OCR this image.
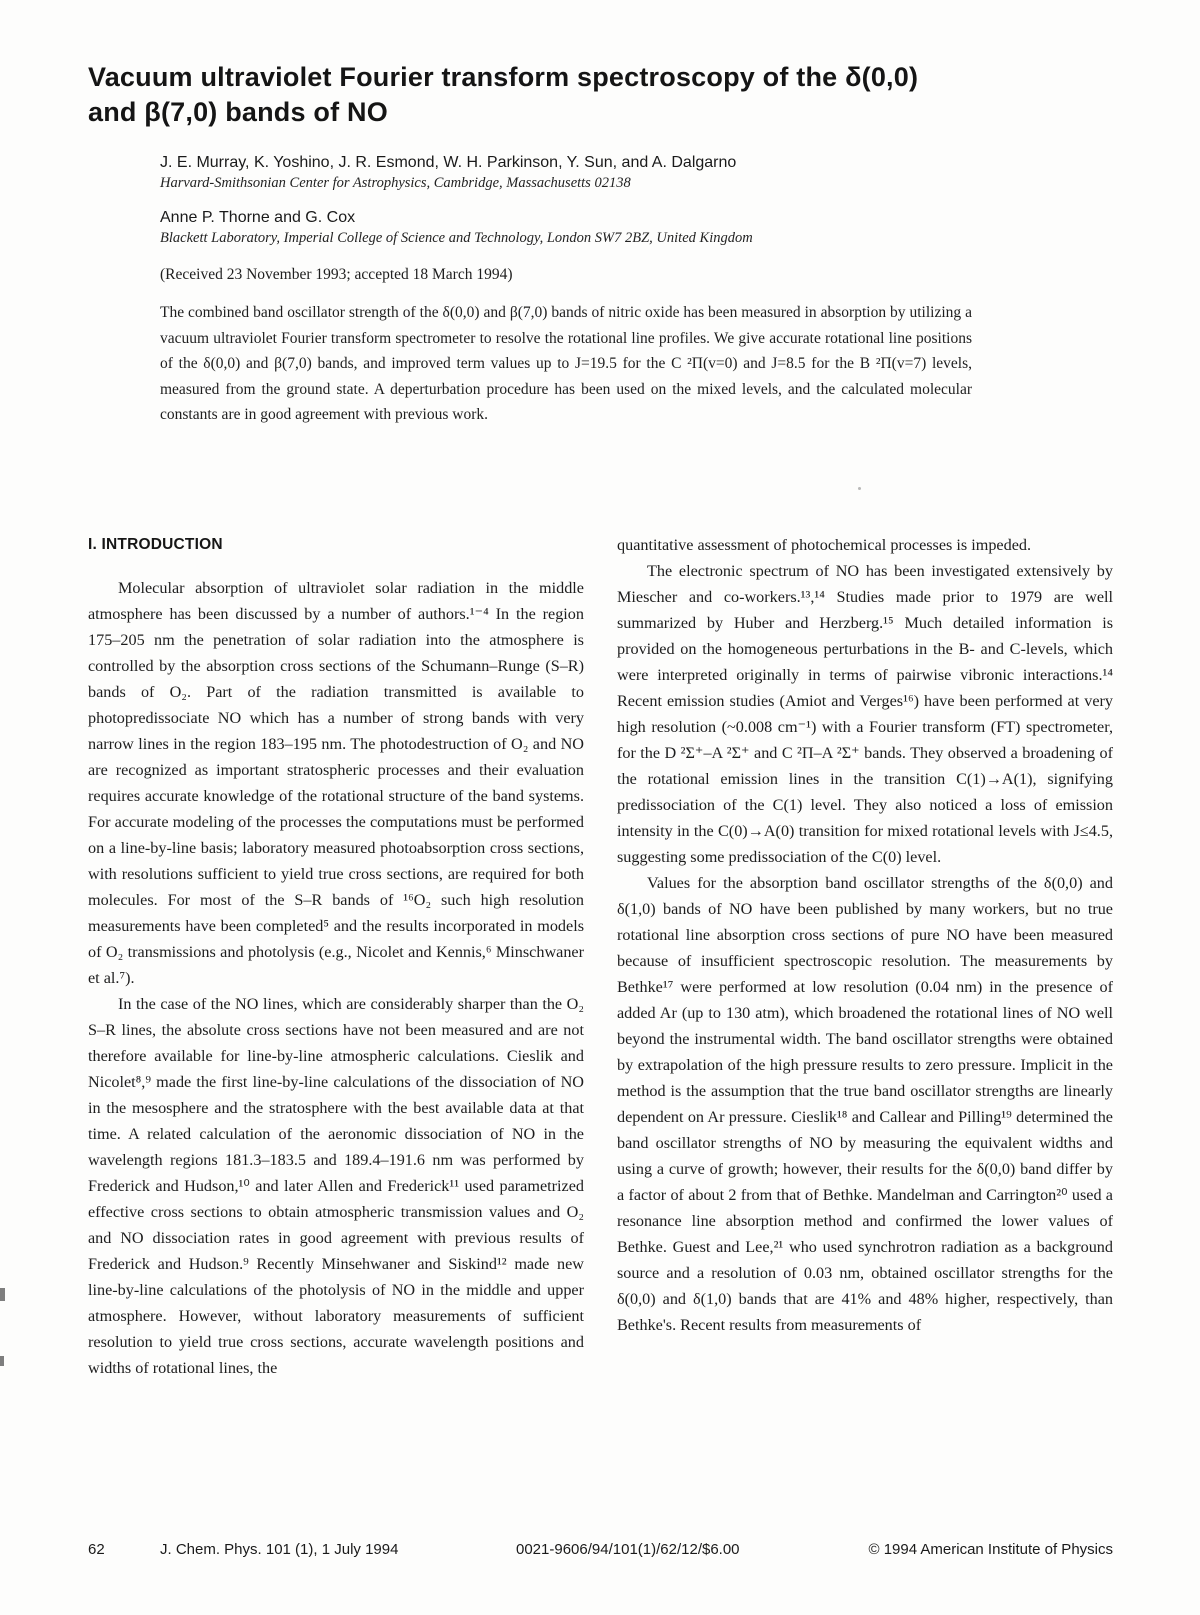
Vacuum ultraviolet Fourier transform spectroscopy of the δ(0,0)
and β(7,0) bands of NO
J. E. Murray, K. Yoshino, J. R. Esmond, W. H. Parkinson, Y. Sun, and A. Dalgarno
Harvard-Smithsonian Center for Astrophysics, Cambridge, Massachusetts 02138
Anne P. Thorne and G. Cox
Blackett Laboratory, Imperial College of Science and Technology, London SW7 2BZ, United Kingdom
(Received 23 November 1993; accepted 18 March 1994)
The combined band oscillator strength of the δ(0,0) and β(7,0) bands of nitric oxide has been measured in absorption by utilizing a vacuum ultraviolet Fourier transform spectrometer to resolve the rotational line profiles. We give accurate rotational line positions of the δ(0,0) and β(7,0) bands, and improved term values up to J=19.5 for the C ²Π(v=0) and J=8.5 for the B ²Π(v=7) levels, measured from the ground state. A deperturbation procedure has been used on the mixed levels, and the calculated molecular constants are in good agreement with previous work.
I. INTRODUCTION

Molecular absorption of ultraviolet solar radiation in the middle atmosphere has been discussed by a number of authors.¹⁻⁴ In the region 175–205 nm the penetration of solar radiation into the atmosphere is controlled by the absorption cross sections of the Schumann–Runge (S–R) bands of O₂. Part of the radiation transmitted is available to photopredissociate NO which has a number of strong bands with very narrow lines in the region 183–195 nm. The photodestruction of O₂ and NO are recognized as important stratospheric processes and their evaluation requires accurate knowledge of the rotational structure of the band systems. For accurate modeling of the processes the computations must be performed on a line-by-line basis; laboratory measured photoabsorption cross sections, with resolutions sufficient to yield true cross sections, are required for both molecules. For most of the S–R bands of ¹⁶O₂ such high resolution measurements have been completed⁵ and the results incorporated in models of O₂ transmissions and photolysis (e.g., Nicolet and Kennis,⁶ Minschwaner et al.⁷).

In the case of the NO lines, which are considerably sharper than the O₂ S–R lines, the absolute cross sections have not been measured and are not therefore available for line-by-line atmospheric calculations. Cieslik and Nicolet⁸,⁹ made the first line-by-line calculations of the dissociation of NO in the mesosphere and the stratosphere with the best available data at that time. A related calculation of the aeronomic dissociation of NO in the wavelength regions 181.3–183.5 and 189.4–191.6 nm was performed by Frederick and Hudson,¹⁰ and later Allen and Frederick¹¹ used parametrized effective cross sections to obtain atmospheric transmission values and O₂ and NO dissociation rates in good agreement with previous results of Frederick and Hudson.⁹ Recently Minsehwaner and Siskind¹² made new line-by-line calculations of the photolysis of NO in the middle and upper atmosphere. However, without laboratory measurements of sufficient resolution to yield true cross sections, accurate wavelength positions and widths of rotational lines, the

quantitative assessment of photochemical processes is impeded.

The electronic spectrum of NO has been investigated extensively by Miescher and co-workers.¹³,¹⁴ Studies made prior to 1979 are well summarized by Huber and Herzberg.¹⁵ Much detailed information is provided on the homogeneous perturbations in the B- and C-levels, which were interpreted originally in terms of pairwise vibronic interactions.¹⁴ Recent emission studies (Amiot and Verges¹⁶) have been performed at very high resolution (~0.008 cm⁻¹) with a Fourier transform (FT) spectrometer, for the D ²Σ⁺–A ²Σ⁺ and C ²Π–A ²Σ⁺ bands. They observed a broadening of the rotational emission lines in the transition C(1)→A(1), signifying predissociation of the C(1) level. They also noticed a loss of emission intensity in the C(0)→A(0) transition for mixed rotational levels with J≤4.5, suggesting some predissociation of the C(0) level.

Values for the absorption band oscillator strengths of the δ(0,0) and δ(1,0) bands of NO have been published by many workers, but no true rotational line absorption cross sections of pure NO have been measured because of insufficient spectroscopic resolution. The measurements by Bethke¹⁷ were performed at low resolution (0.04 nm) in the presence of added Ar (up to 130 atm), which broadened the rotational lines of NO well beyond the instrumental width. The band oscillator strengths were obtained by extrapolation of the high pressure results to zero pressure. Implicit in the method is the assumption that the true band oscillator strengths are linearly dependent on Ar pressure. Cieslik¹⁸ and Callear and Pilling¹⁹ determined the band oscillator strengths of NO by measuring the equivalent widths and using a curve of growth; however, their results for the δ(0,0) band differ by a factor of about 2 from that of Bethke. Mandelman and Carrington²⁰ used a resonance line absorption method and confirmed the lower values of Bethke. Guest and Lee,²¹ who used synchrotron radiation as a background source and a resolution of 0.03 nm, obtained oscillator strengths for the δ(0,0) and δ(1,0) bands that are 41% and 48% higher, respectively, than Bethke's. Recent results from measurements of

62	J. Chem. Phys. 101 (1), 1 July 1994	0021-9606/94/101(1)/62/12/$6.00	© 1994 American Institute of Physics
